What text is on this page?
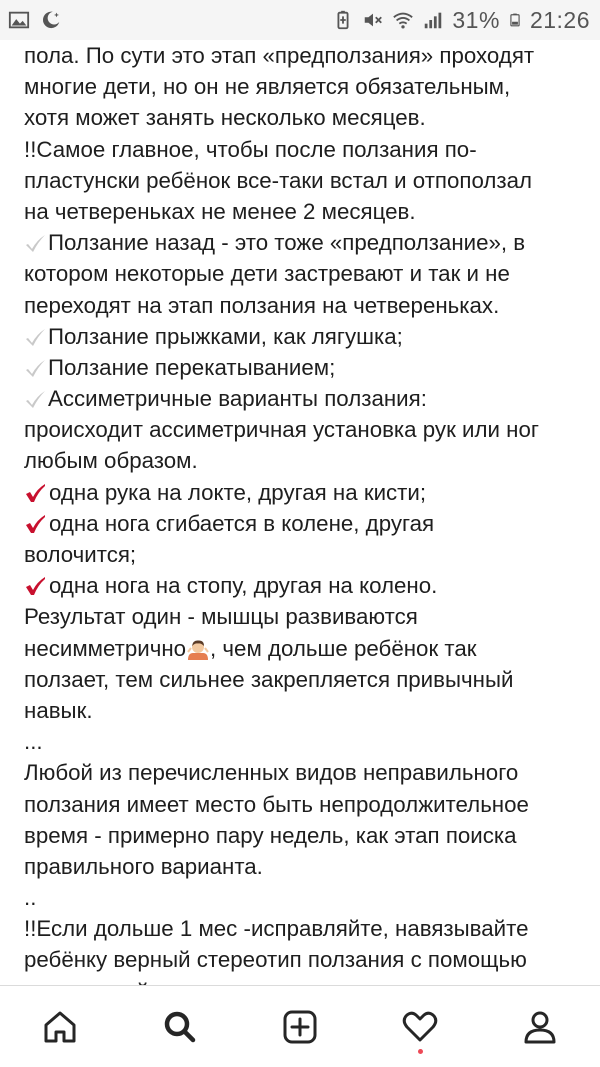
31% 21:26
пола. По сути это этап «предползания» проходят
многие дети, но он не является обязательным,
хотя может занять несколько месяцев.
!!Самое главное, чтобы после ползания по-
пластунски ребёнок все-таки встал и отпоползал
на четвереньках не менее 2 месяцев.
Ползание назад - это тоже «предползание», в
котором некоторые дети застревают и так и не
переходят на этап ползания на четвереньках.
Ползание прыжками, как лягушка;
Ползание перекатыванием;
Ассиметричные варианты ползания:
происходит ассиметричная установка рук или ног
любым образом.
одна рука на локте, другая на кисти;
одна нога сгибается в колене, другая
волочится;
одна нога на стопу, другая на колено.
Результат один - мышцы развиваются
несимметрично , чем дольше ребёнок так
ползает, тем сильнее закрепляется привычный
навык.
...
Любой из перечисленных видов неправильного
ползания имеет место быть непродолжительное
время - примерно пару недель, как этап поиска
правильного варианта.
..
!!Если дольше 1 мес -исправляйте, навязывайте
ребёнку верный стереотип ползания с помощью
